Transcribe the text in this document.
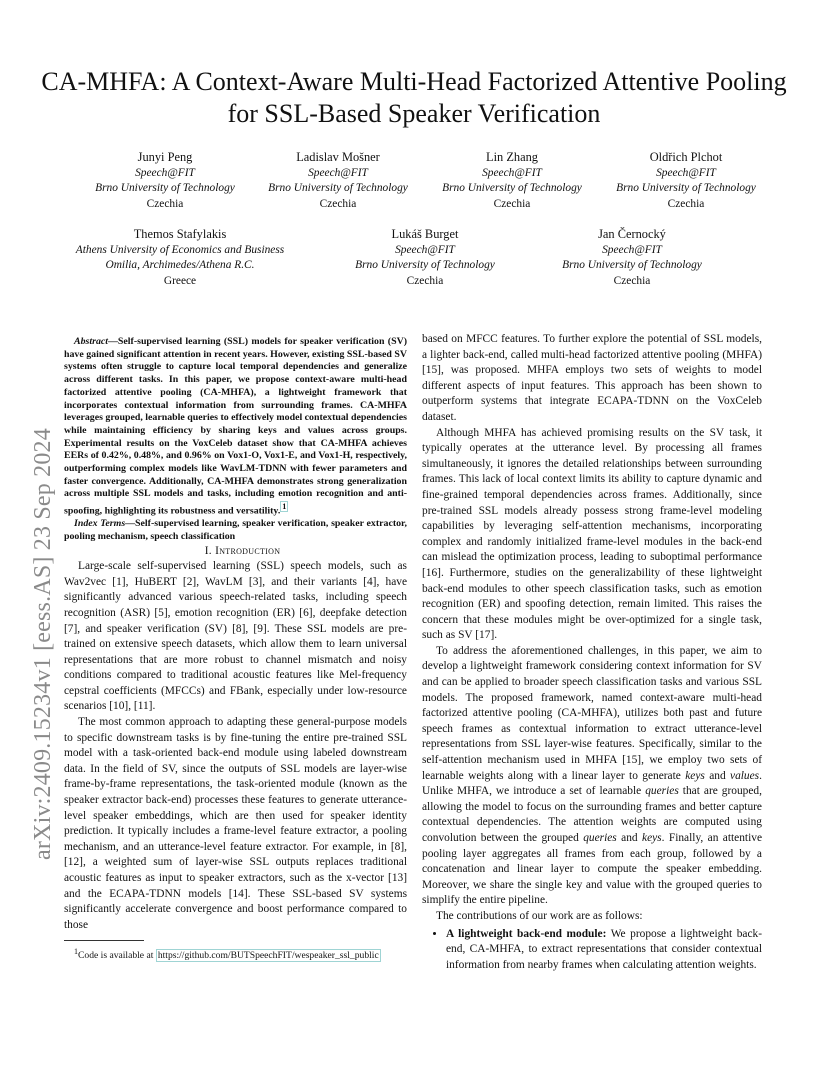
arXiv:2409.15234v1 [eess.AS] 23 Sep 2024
CA-MHFA: A Context-Aware Multi-Head Factorized Attentive Pooling for SSL-Based Speaker Verification
Junyi Peng
Speech@FIT
Brno University of Technology
Czechia
Ladislav Mošner
Speech@FIT
Brno University of Technology
Czechia
Lin Zhang
Speech@FIT
Brno University of Technology
Czechia
Oldřich Plchot
Speech@FIT
Brno University of Technology
Czechia
Themos Stafylakis
Athens University of Economics and Business
Omilia, Archimedes/Athena R.C.
Greece
Lukáš Burget
Speech@FIT
Brno University of Technology
Czechia
Jan Černocký
Speech@FIT
Brno University of Technology
Czechia
Abstract—Self-supervised learning (SSL) models for speaker verification (SV) have gained significant attention in recent years. However, existing SSL-based SV systems often struggle to capture local temporal dependencies and generalize across different tasks. In this paper, we propose context-aware multi-head factorized attentive pooling (CA-MHFA), a lightweight framework that incorporates contextual information from surrounding frames. CA-MHFA leverages grouped, learnable queries to effectively model contextual dependencies while maintaining efficiency by sharing keys and values across groups. Experimental results on the VoxCeleb dataset show that CA-MHFA achieves EERs of 0.42%, 0.48%, and 0.96% on Vox1-O, Vox1-E, and Vox1-H, respectively, outperforming complex models like WavLM-TDNN with fewer parameters and faster convergence. Additionally, CA-MHFA demonstrates strong generalization across multiple SSL models and tasks, including emotion recognition and anti-spoofing, highlighting its robustness and versatility. $^1$
Index Terms—Self-supervised learning, speaker verification, speaker extractor, pooling mechanism, speech classification

I. Introduction

Large-scale self-supervised learning (SSL) speech models, such as Wav2vec [1], HuBERT [2], WavLM [3], and their variants [4], have significantly advanced various speech-related tasks, including speech recognition (ASR) [5], emotion recognition (ER) [6], deepfake detection [7], and speaker verification (SV) [8], [9]. These SSL models are pre-trained on extensive speech datasets, which allow them to learn universal representations that are more robust to channel mismatch and noisy conditions compared to traditional acoustic features like Mel-frequency cepstral coefficients (MFCCs) and FBank, especially under low-resource scenarios [10], [11].

The most common approach to adapting these general-purpose models to specific downstream tasks is by fine-tuning the entire pre-trained SSL model with a task-oriented back-end module using labeled downstream data. In the field of SV, since the outputs of SSL models are layer-wise frame-by-frame representations, the task-oriented module (known as the speaker extractor back-end) processes these features to generate utterance-level speaker embeddings, which are then used for speaker identity prediction. It typically includes a frame-level feature extractor, a pooling mechanism, and an utterance-level feature extractor. For example, in [8], [12], a weighted sum of layer-wise SSL outputs replaces traditional acoustic features as input to speaker extractors, such as the x-vector [13] and the ECAPA-TDNN models [14]. These SSL-based SV systems significantly accelerate convergence and boost performance compared to those

$^1$Code is available at https://github.com/BUTSpeechFIT/wespeaker_ssl_public

based on MFCC features. To further explore the potential of SSL models, a lighter back-end, called multi-head factorized attentive pooling (MHFA) [15], was proposed. MHFA employs two sets of weights to model different aspects of input features. This approach has been shown to outperform systems that integrate ECAPA-TDNN on the VoxCeleb dataset.

Although MHFA has achieved promising results on the SV task, it typically operates at the utterance level. By processing all frames simultaneously, it ignores the detailed relationships between surrounding frames. This lack of local context limits its ability to capture dynamic and fine-grained temporal dependencies across frames. Additionally, since pre-trained SSL models already possess strong frame-level modeling capabilities by leveraging self-attention mechanisms, incorporating complex and randomly initialized frame-level modules in the back-end can mislead the optimization process, leading to suboptimal performance [16]. Furthermore, studies on the generalizability of these lightweight back-end modules to other speech classification tasks, such as emotion recognition (ER) and spoofing detection, remain limited. This raises the concern that these modules might be over-optimized for a single task, such as SV [17].

To address the aforementioned challenges, in this paper, we aim to develop a lightweight framework considering context information for SV and can be applied to broader speech classification tasks and various SSL models. The proposed framework, named context-aware multi-head factorized attentive pooling (CA-MHFA), utilizes both past and future speech frames as contextual information to extract utterance-level representations from SSL layer-wise features. Specifically, similar to the self-attention mechanism used in MHFA [15], we employ two sets of learnable weights along with a linear layer to generate keys and values. Unlike MHFA, we introduce a set of learnable queries that are grouped, allowing the model to focus on the surrounding frames and better capture contextual dependencies. The attention weights are computed using convolution between the grouped queries and keys. Finally, an attentive pooling layer aggregates all frames from each group, followed by a concatenation and linear layer to compute the speaker embedding. Moreover, we share the single key and value with the grouped queries to simplify the entire pipeline.

The contributions of our work are as follows:

• A lightweight back-end module: We propose a lightweight back-end, CA-MHFA, to extract representations that consider contextual information from nearby frames when calculating attention weights.
